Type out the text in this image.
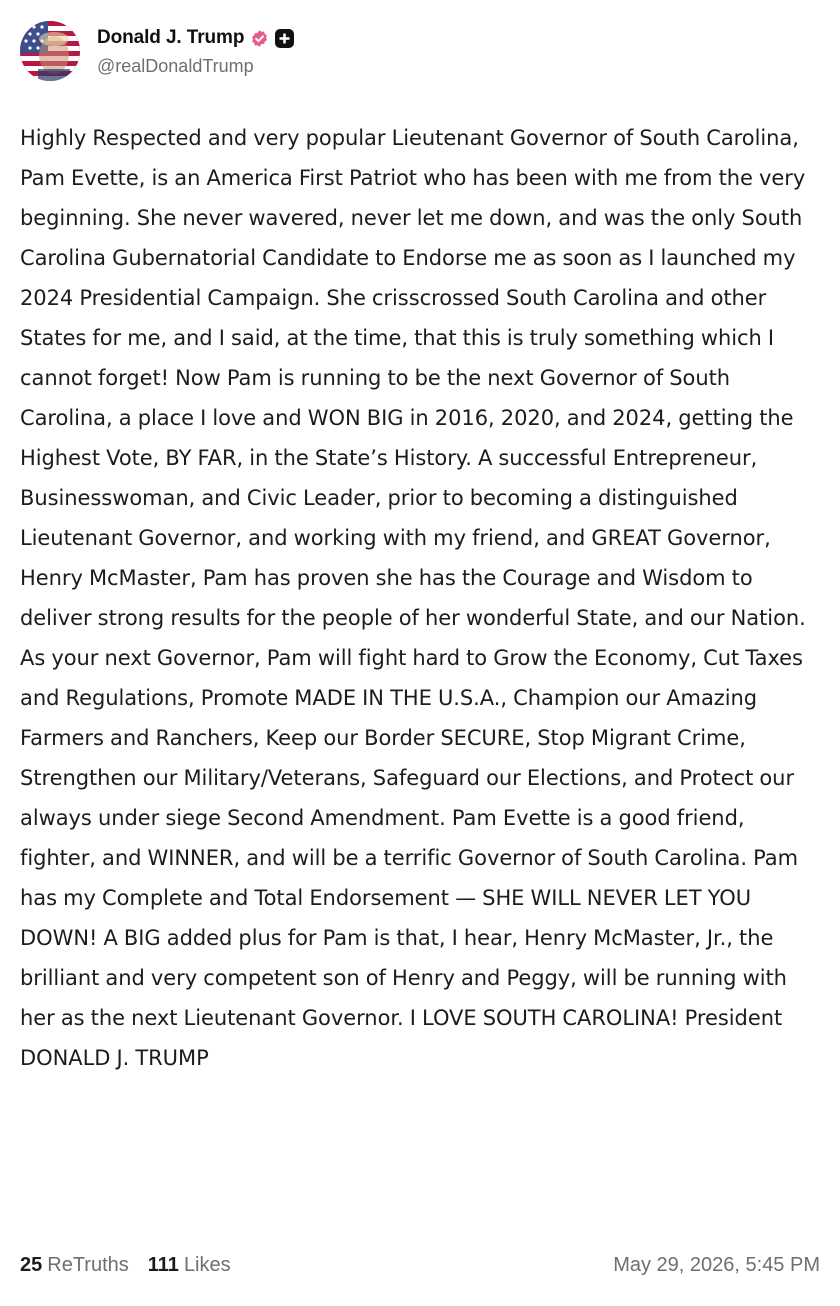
Donald J. Trump
@realDonaldTrump

Highly Respected and very popular Lieutenant Governor of South Carolina, Pam Evette, is an America First Patriot who has been with me from the very beginning. She never wavered, never let me down, and was the only South Carolina Gubernatorial Candidate to Endorse me as soon as I launched my 2024 Presidential Campaign. She crisscrossed South Carolina and other States for me, and I said, at the time, that this is truly something which I cannot forget! Now Pam is running to be the next Governor of South Carolina, a place I love and WON BIG in 2016, 2020, and 2024, getting the Highest Vote, BY FAR, in the State’s History. A successful Entrepreneur, Businesswoman, and Civic Leader, prior to becoming a distinguished Lieutenant Governor, and working with my friend, and GREAT Governor, Henry McMaster, Pam has proven she has the Courage and Wisdom to deliver strong results for the people of her wonderful State, and our Nation. As your next Governor, Pam will fight hard to Grow the Economy, Cut Taxes and Regulations, Promote MADE IN THE U.S.A., Champion our Amazing Farmers and Ranchers, Keep our Border SECURE, Stop Migrant Crime, Strengthen our Military/Veterans, Safeguard our Elections, and Protect our always under siege Second Amendment. Pam Evette is a good friend, fighter, and WINNER, and will be a terrific Governor of South Carolina. Pam has my Complete and Total Endorsement — SHE WILL NEVER LET YOU DOWN! A BIG added plus for Pam is that, I hear, Henry McMaster, Jr., the brilliant and very competent son of Henry and Peggy, will be running with her as the next Lieutenant Governor. I LOVE SOUTH CAROLINA! President DONALD J. TRUMP

25 ReTruths 111 Likes	May 29, 2026, 5:45 PM
